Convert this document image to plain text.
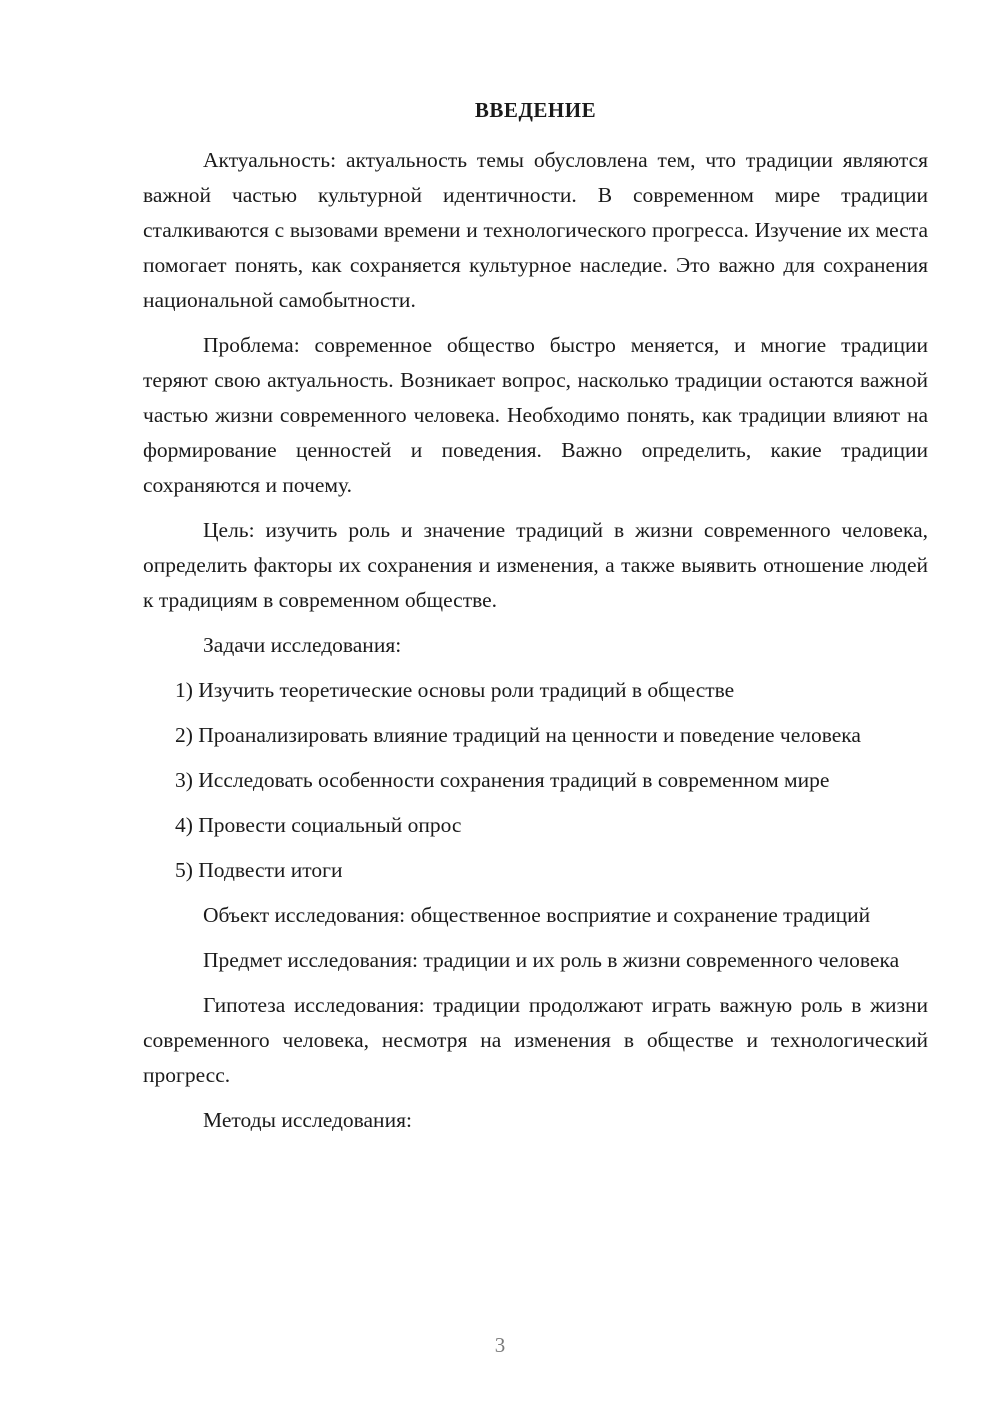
ВВЕДЕНИЕ

Актуальность: актуальность темы обусловлена тем, что традиции являются важной частью культурной идентичности. В современном мире традиции сталкиваются с вызовами времени и технологического прогресса. Изучение их места помогает понять, как сохраняется культурное наследие. Это важно для сохранения национальной самобытности.

Проблема: современное общество быстро меняется, и многие традиции теряют свою актуальность. Возникает вопрос, насколько традиции остаются важной частью жизни современного человека. Необходимо понять, как традиции влияют на формирование ценностей и поведения. Важно определить, какие традиции сохраняются и почему.

Цель: изучить роль и значение традиций в жизни современного человека, определить факторы их сохранения и изменения, а также выявить отношение людей к традициям в современном обществе.

Задачи исследования:

1) Изучить теоретические основы роли традиций в обществе

2) Проанализировать влияние традиций на ценности и поведение человека

3) Исследовать особенности сохранения традиций в современном мире

4) Провести социальный опрос

5) Подвести итоги

Объект исследования: общественное восприятие и сохранение традиций

Предмет исследования: традиции и их роль в жизни современного человека

Гипотеза исследования: традиции продолжают играть важную роль в жизни современного человека, несмотря на изменения в обществе и технологический прогресс.

Методы исследования:

3
